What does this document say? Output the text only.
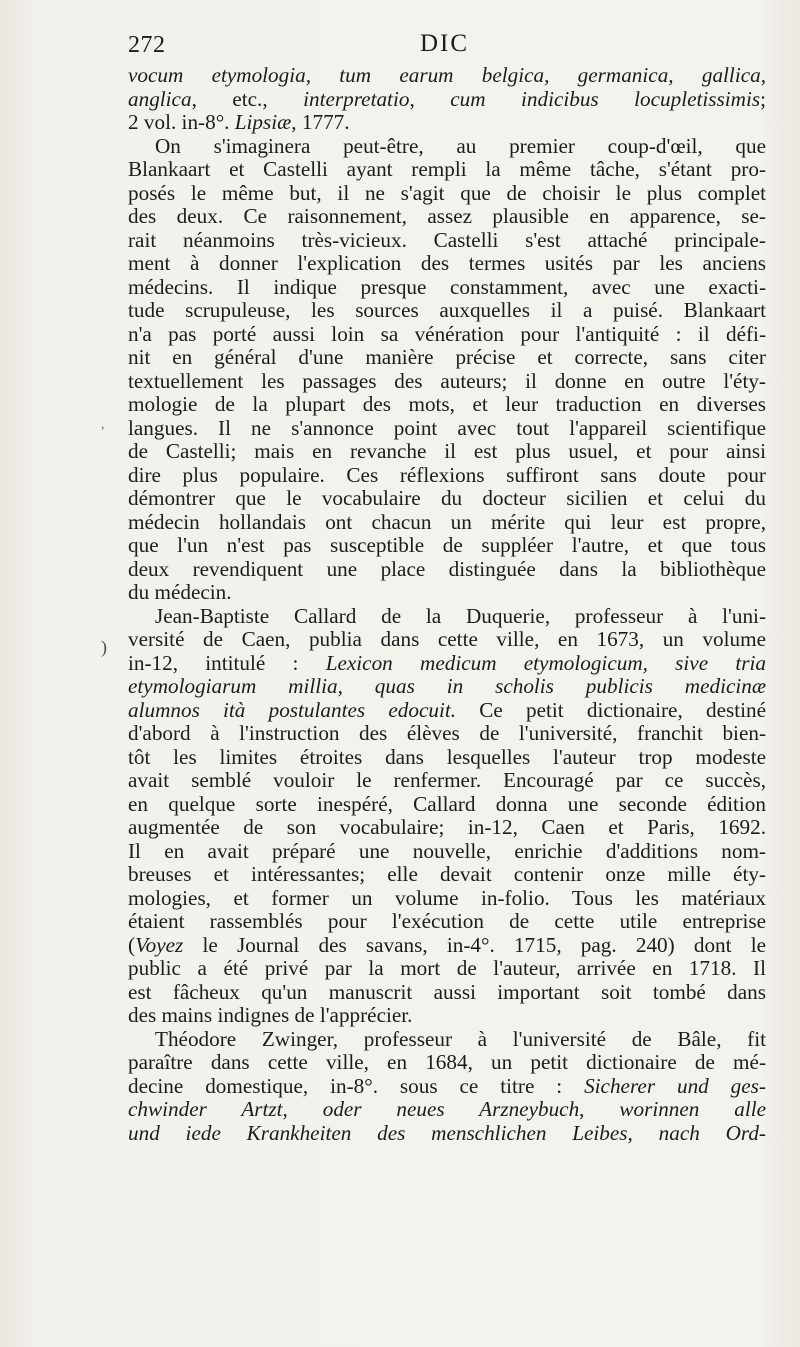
272	DIC
,
)
vocum etymologia, tum earum belgica, germanica, gallica,
anglica, etc., interpretatio, cum indicibus locupletissimis;
2 vol. in-8°. Lipsiæ, 1777.
On s'imaginera peut-être, au premier coup-d'œil, que
Blankaart et Castelli ayant rempli la même tâche, s'étant pro-
posés le même but, il ne s'agit que de choisir le plus complet
des deux. Ce raisonnement, assez plausible en apparence, se-
rait néanmoins très-vicieux. Castelli s'est attaché principale-
ment à donner l'explication des termes usités par les anciens
médecins. Il indique presque constamment, avec une exacti-
tude scrupuleuse, les sources auxquelles il a puisé. Blankaart
n'a pas porté aussi loin sa vénération pour l'antiquité : il défi-
nit en général d'une manière précise et correcte, sans citer
textuellement les passages des auteurs; il donne en outre l'éty-
mologie de la plupart des mots, et leur traduction en diverses
langues. Il ne s'annonce point avec tout l'appareil scientifique
de Castelli; mais en revanche il est plus usuel, et pour ainsi
dire plus populaire. Ces réflexions suffiront sans doute pour
démontrer que le vocabulaire du docteur sicilien et celui du
médecin hollandais ont chacun un mérite qui leur est propre,
que l'un n'est pas susceptible de suppléer l'autre, et que tous
deux revendiquent une place distinguée dans la bibliothèque
du médecin.
Jean-Baptiste Callard de la Duquerie, professeur à l'uni-
versité de Caen, publia dans cette ville, en 1673, un volume
in-12, intitulé : Lexicon medicum etymologicum, sive tria
etymologiarum millia, quas in scholis publicis medicinæ
alumnos ità postulantes edocuit. Ce petit dictionaire, destiné
d'abord à l'instruction des élèves de l'université, franchit bien-
tôt les limites étroites dans lesquelles l'auteur trop modeste
avait semblé vouloir le renfermer. Encouragé par ce succès,
en quelque sorte inespéré, Callard donna une seconde édition
augmentée de son vocabulaire; in-12, Caen et Paris, 1692.
Il en avait préparé une nouvelle, enrichie d'additions nom-
breuses et intéressantes; elle devait contenir onze mille éty-
mologies, et former un volume in-folio. Tous les matériaux
étaient rassemblés pour l'exécution de cette utile entreprise
(Voyez le Journal des savans, in-4°. 1715, pag. 240) dont le
public a été privé par la mort de l'auteur, arrivée en 1718. Il
est fâcheux qu'un manuscrit aussi important soit tombé dans
des mains indignes de l'apprécier.
Théodore Zwinger, professeur à l'université de Bâle, fit
paraître dans cette ville, en 1684, un petit dictionaire de mé-
decine domestique, in-8°. sous ce titre : Sicherer und ges-
chwinder Artzt, oder neues Arzneybuch, worinnen alle
und iede Krankheiten des menschlichen Leibes, nach Ord-
